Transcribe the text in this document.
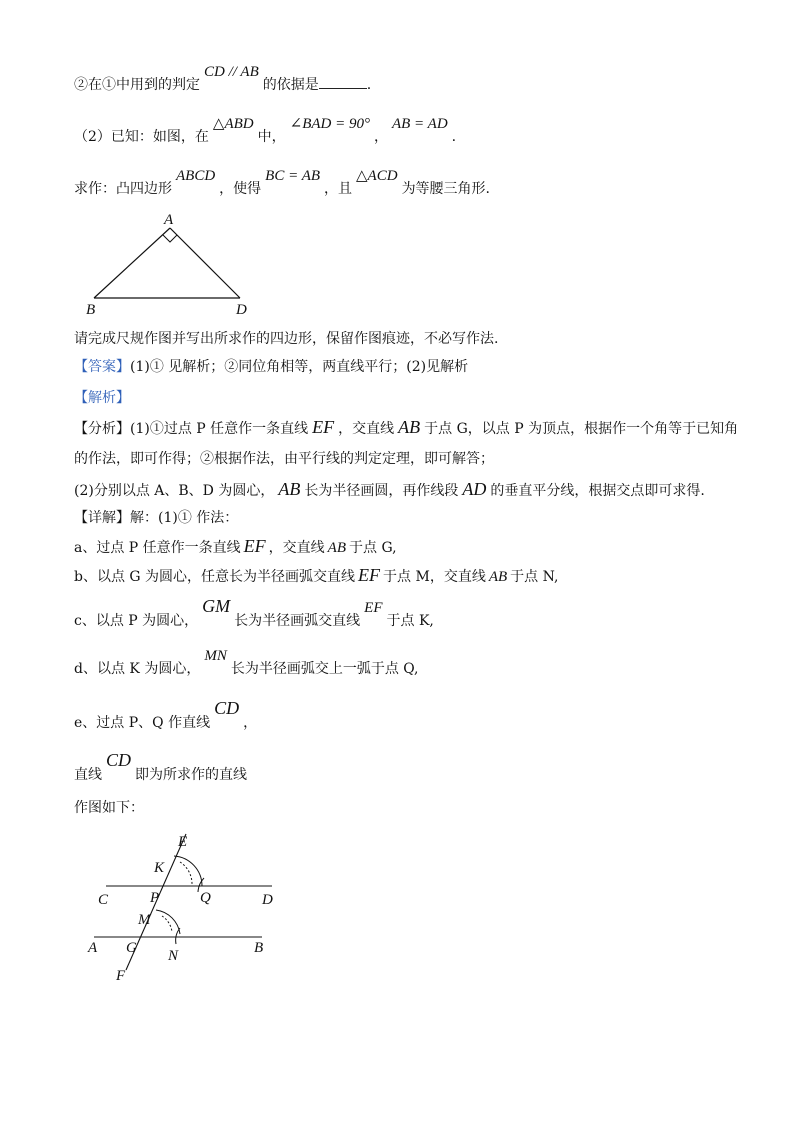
②在①中用到的判定CD // AB的依据是	.
（2）已知：如图，在△ABD中，∠BAD = 90°，AB = AD.
求作：凸四边形ABCD，使得BC = AB，且△ACD为等腰三角形.
A
B	D
请完成尺规作图并写出所求作的四边形，保留作图痕迹，不必写作法.
【答案】(1)① 见解析；②同位角相等，两直线平行；(2)见解析
【解析】
【分析】(1)①过点 P 任意作一条直线 EF ，交直线 AB 于点 G，以点 P 为顶点，根据作一个角等于已知角
的作法，即可作得；②根据作法，由平行线的判定定理，即可解答；
(2)分别以点 A、B、D 为圆心， AB 长为半径画圆，再作线段 AD 的垂直平分线，根据交点即可求得.
【详解】解：(1)① 作法：
a、过点 P 任意作一条直线 EF ，交直线 AB 于点 G,
b、以点 G 为圆心，任意长为半径画弧交直线 EF 于点 M，交直线 AB 于点 N,
c、以点 P 为圆心，GM长为半径画弧交直线EF于点 K,
d、以点 K 为圆心，MN长为半径画弧交上一弧于点 Q,
e、过点 P、Q 作直线CD，
直线CD即为所求作的直线
作图如下：
E
K
C	P	Q	D
M
A G	B
N
F
